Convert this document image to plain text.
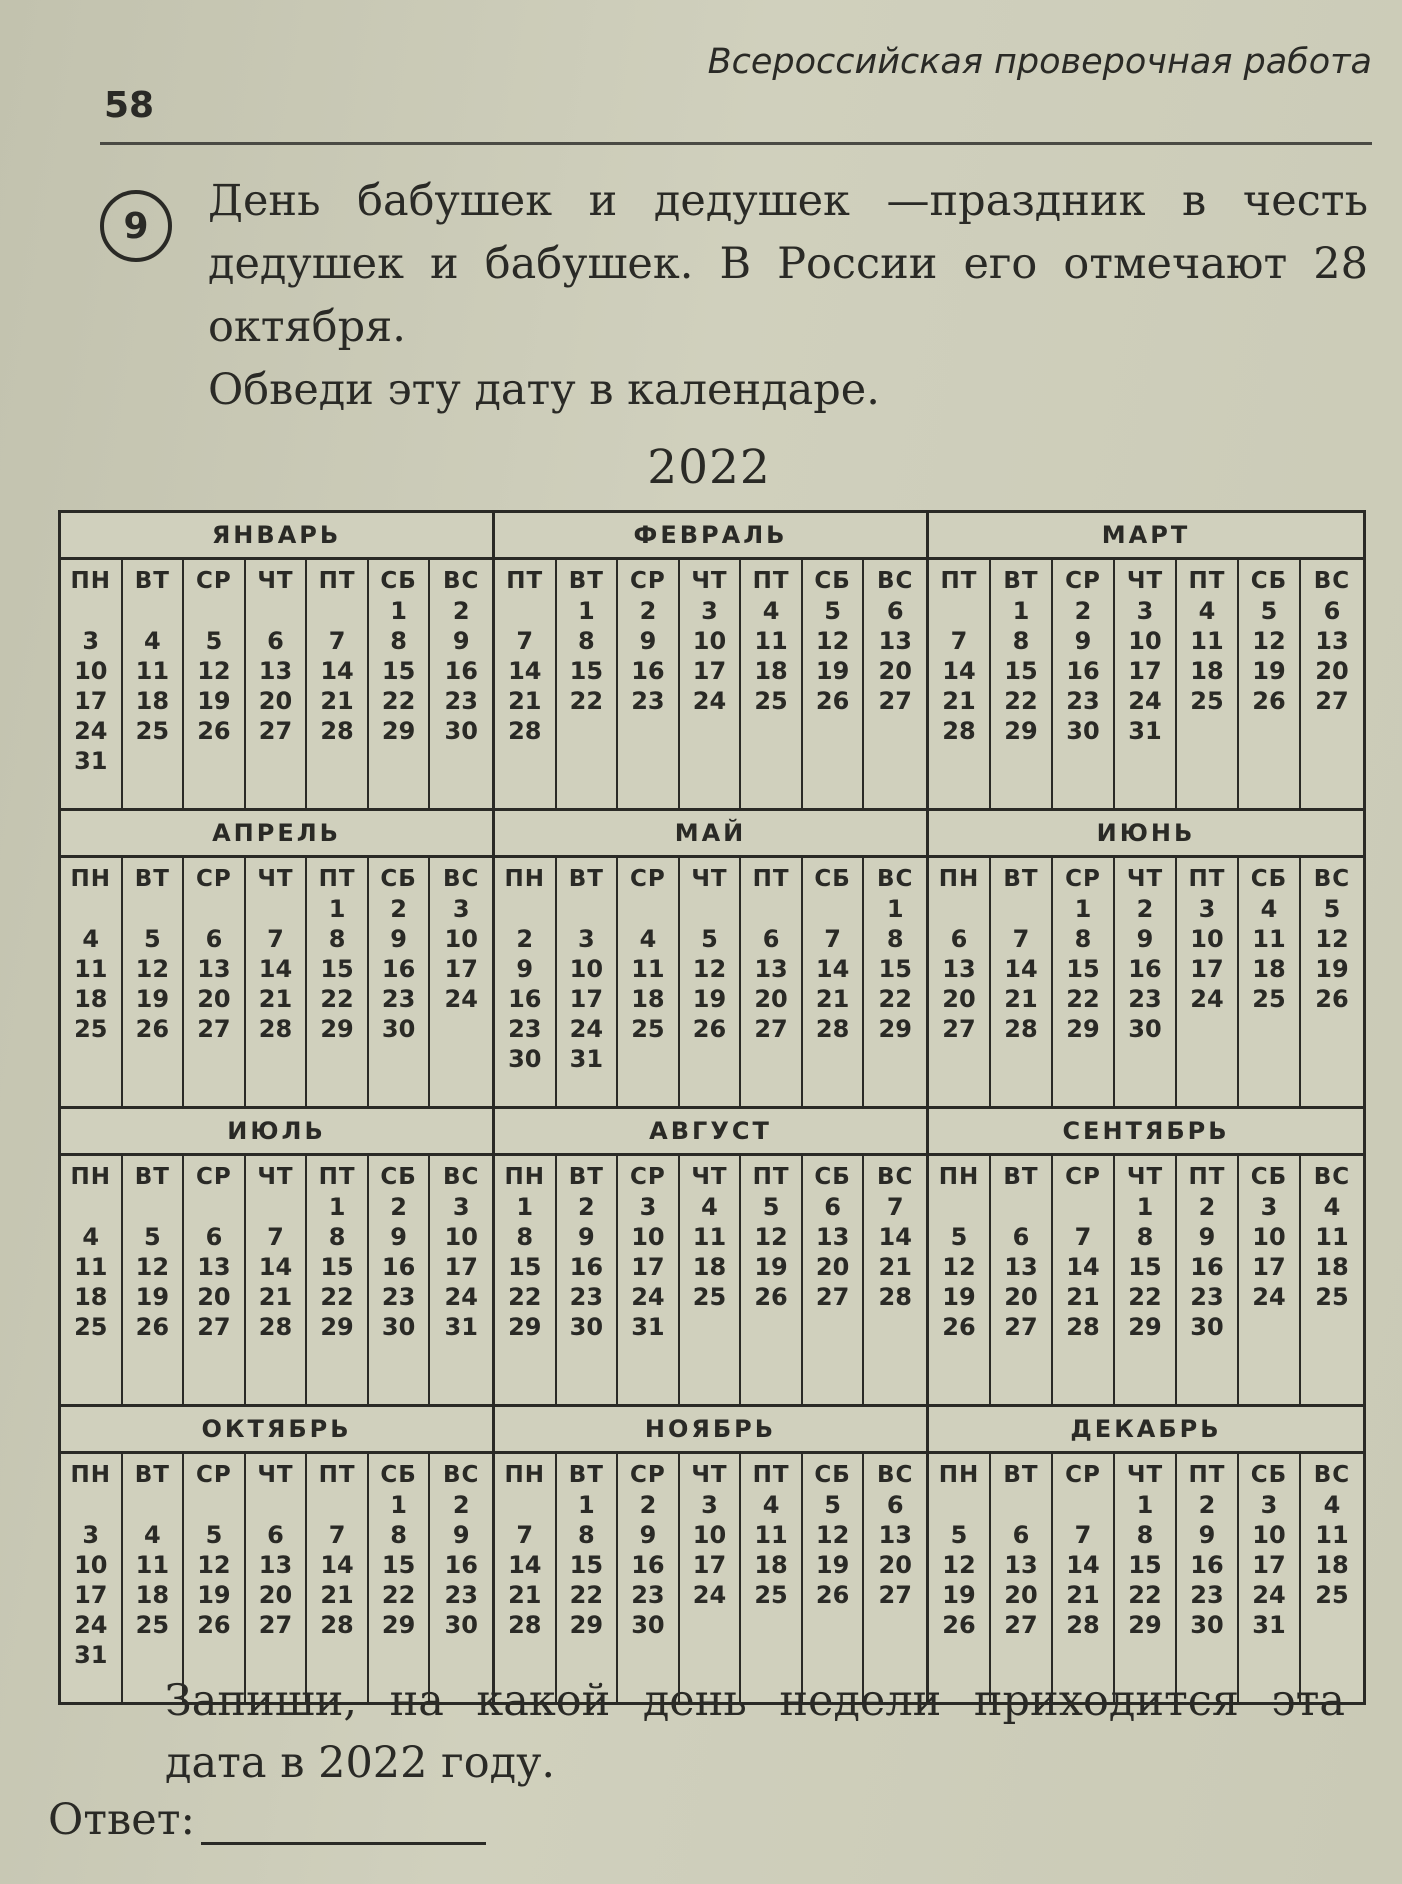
58
Всероссийская проверочная работа
9	День бабушек и дедушек —праздник в честь дедушек и бабушек. В России его отмечают 28 октября.
Обведи эту дату в календаре.
2022
ЯНВАРЬ
ПН
3
10
17
24
31
ВТ
4
11
18
25
СР
5
12
19
26
ЧТ
6
13
20
27
ПТ
7
14
21
28
СБ
1
8
15
22
29
ВС
2
9
16
23
30
ФЕВРАЛЬ
ПТ
7
14
21
28
ВТ
1
8
15
22
СР
2
9
16
23
ЧТ
3
10
17
24
ПТ
4
11
18
25
СБ
5
12
19
26
ВС
6
13
20
27
МАРТ
ПТ
7
14
21
28
ВТ
1
8
15
22
29
СР
2
9
16
23
30
ЧТ
3
10
17
24
31
ПТ
4
11
18
25
СБ
5
12
19
26
ВС
6
13
20
27
АПРЕЛЬ
ПН
4
11
18
25
ВТ
5
12
19
26
СР
6
13
20
27
ЧТ
7
14
21
28
ПТ
1
8
15
22
29
СБ
2
9
16
23
30
ВС
3
10
17
24
МАЙ
ПН
2
9
16
23
30
ВТ
3
10
17
24
31
СР
4
11
18
25
ЧТ
5
12
19
26
ПТ
6
13
20
27
СБ
7
14
21
28
ВС
1
8
15
22
29
ИЮНЬ
ПН
6
13
20
27
ВТ
7
14
21
28
СР
1
8
15
22
29
ЧТ
2
9
16
23
30
ПТ
3
10
17
24
СБ
4
11
18
25
ВС
5
12
19
26
ИЮЛЬ
ПН
4
11
18
25
ВТ
5
12
19
26
СР
6
13
20
27
ЧТ
7
14
21
28
ПТ
1
8
15
22
29
СБ
2
9
16
23
30
ВС
3
10
17
24
31
АВГУСТ
ПН
1
8
15
22
29
ВТ
2
9
16
23
30
СР
3
10
17
24
31
ЧТ
4
11
18
25
ПТ
5
12
19
26
СБ
6
13
20
27
ВС
7
14
21
28
СЕНТЯБРЬ
ПН
5
12
19
26
ВТ
6
13
20
27
СР
7
14
21
28
ЧТ
1
8
15
22
29
ПТ
2
9
16
23
30
СБ
3
10
17
24
ВС
4
11
18
25
ОКТЯБРЬ
ПН
3
10
17
24
31
ВТ
4
11
18
25
СР
5
12
19
26
ЧТ
6
13
20
27
ПТ
7
14
21
28
СБ
1
8
15
22
29
ВС
2
9
16
23
30
НОЯБРЬ
ПН
7
14
21
28
ВТ
1
8
15
22
29
СР
2
9
16
23
30
ЧТ
3
10
17
24
ПТ
4
11
18
25
СБ
5
12
19
26
ВС
6
13
20
27
ДЕКАБРЬ
ПН
5
12
19
26
ВТ
6
13
20
27
СР
7
14
21
28
ЧТ
1
8
15
22
29
ПТ
2
9
16
23
30
СБ
3
10
17
24
31
ВС
4
11
18
25
Запиши, на какой день недели приходится эта дата в 2022 году.
Ответ:
